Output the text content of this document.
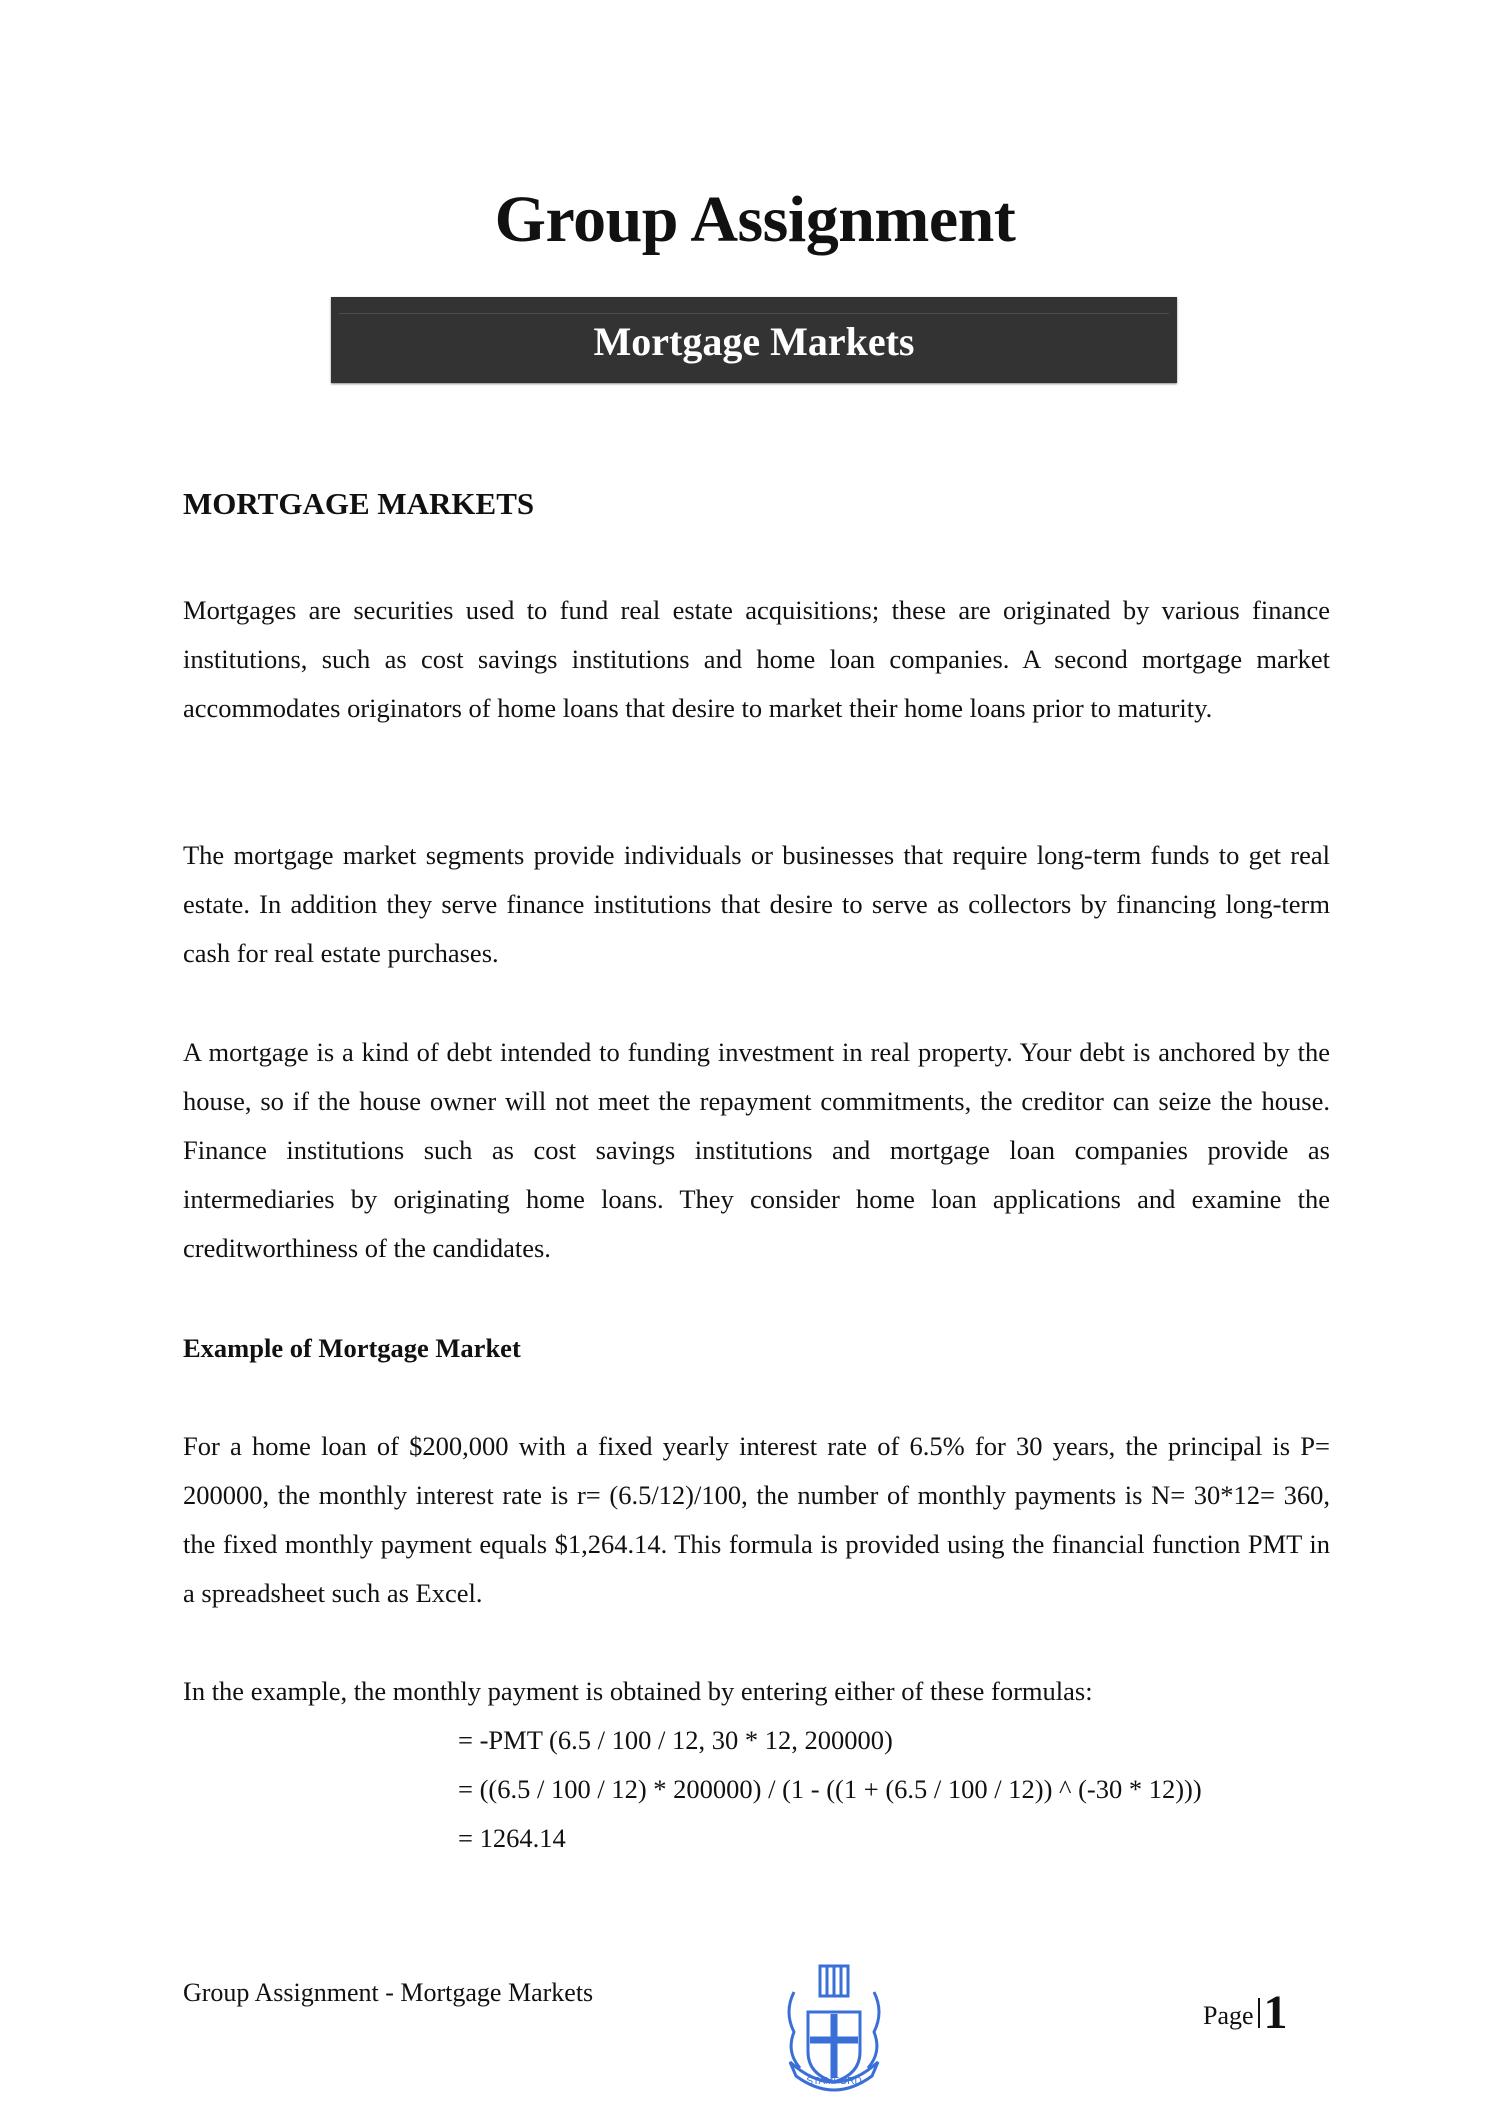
Group Assignment
Mortgage Markets
MORTGAGE MARKETS

Mortgages are securities used to fund real estate acquisitions; these are originated by various finance institutions, such as cost savings institutions and home loan companies. A second mortgage market accommodates originators of home loans that desire to market their home loans prior to maturity.

The mortgage market segments provide individuals or businesses that require long-term funds to get real estate. In addition they serve finance institutions that desire to serve as collectors by financing long-term cash for real estate purchases.

A mortgage is a kind of debt intended to funding investment in real property. Your debt is anchored by the house, so if the house owner will not meet the repayment commitments, the creditor can seize the house. Finance institutions such as cost savings institutions and mortgage loan companies provide as intermediaries by originating home loans. They consider home loan applications and examine the creditworthiness of the candidates.

Example of Mortgage Market

For a home loan of $200,000 with a fixed yearly interest rate of 6.5% for 30 years, the principal is P= 200000, the monthly interest rate is r= (6.5/12)/100, the number of monthly payments is N= 30*12= 360, the fixed monthly payment equals $1,264.14. This formula is provided using the financial function PMT in a spreadsheet such as Excel.

In the example, the monthly payment is obtained by entering either of these formulas:

= -PMT (6.5 / 100 / 12, 30 * 12, 200000)
= ((6.5 / 100 / 12) * 200000) / (1 - ((1 + (6.5 / 100 / 12)) ^ (-30 * 12)))
= 1264.14
Group Assignment - Mortgage Markets
STAMFORD
Page 1
